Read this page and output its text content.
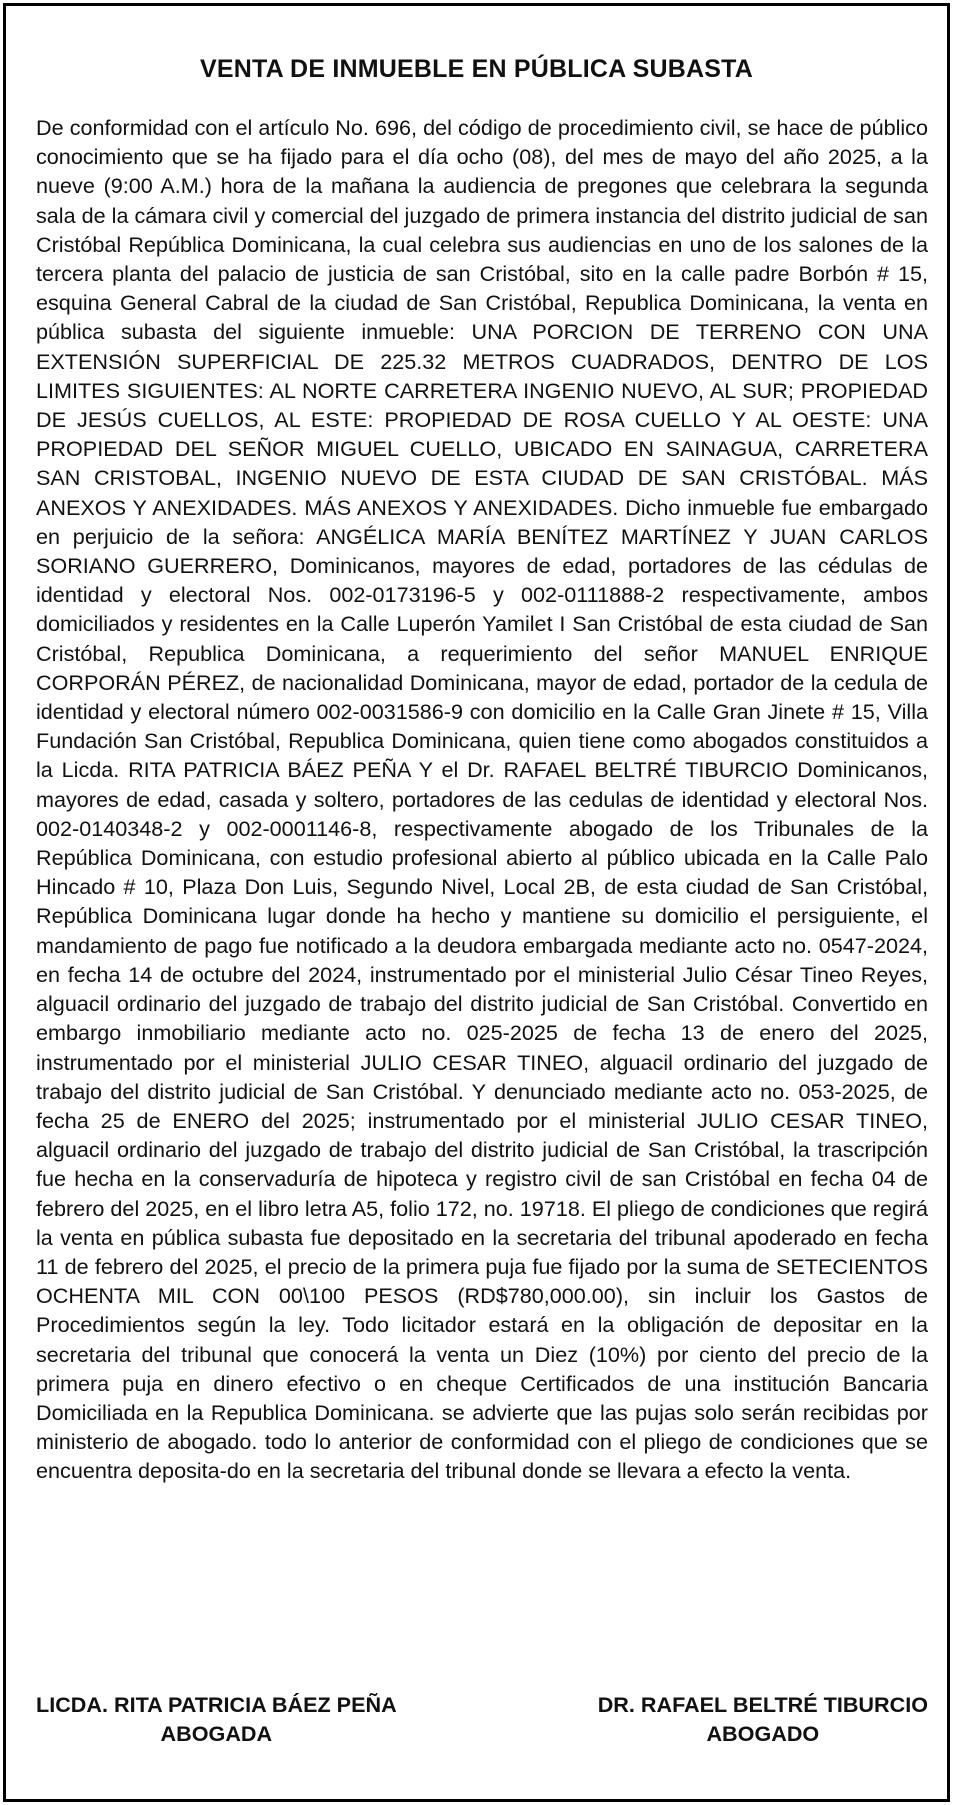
VENTA DE INMUEBLE EN PÚBLICA SUBASTA

De conformidad con el artículo No. 696, del código de procedimiento civil, se hace de público conocimiento que se ha fijado para el día ocho (08), del mes de mayo del año 2025, a la nueve (9:00 A.M.) hora de la mañana la audiencia de pregones que celebrara la segunda sala de la cámara civil y comercial del juzgado de primera instancia del distrito judicial de san Cristóbal República Dominicana, la cual celebra sus audiencias en uno de los salones de la tercera planta del palacio de justicia de san Cristóbal, sito en la calle padre Borbón # 15, esquina General Cabral de la ciudad de San Cristóbal, Republica Dominicana, la venta en pública subasta del siguiente inmueble: UNA PORCION DE TERRENO CON UNA EXTENSIÓN SUPERFICIAL DE 225.32 METROS CUADRADOS, DENTRO DE LOS LIMITES SIGUIENTES: AL NORTE CARRETERA INGENIO NUEVO, AL SUR; PROPIEDAD DE JESÚS CUELLOS, AL ESTE: PROPIEDAD DE ROSA CUELLO Y AL OESTE: UNA PROPIEDAD DEL SEÑOR MIGUEL CUELLO, UBICADO EN SAINAGUA, CARRETERA SAN CRISTOBAL, INGENIO NUEVO DE ESTA CIUDAD DE SAN CRISTÓBAL. MÁS ANEXOS Y ANEXIDADES. MÁS ANEXOS Y ANEXIDADES. Dicho inmueble fue embargado en perjuicio de la señora: ANGÉLICA MARÍA BENÍTEZ MARTÍNEZ Y JUAN CARLOS SORIANO GUERRERO, Dominicanos, mayores de edad, portadores de las cédulas de identidad y electoral Nos. 002-0173196-5 y 002-0111888-2 respectivamente, ambos domiciliados y residentes en la Calle Luperón Yamilet I San Cristóbal de esta ciudad de San Cristóbal, Republica Dominicana, a requerimiento del señor MANUEL ENRIQUE CORPORÁN PÉREZ, de nacionalidad Dominicana, mayor de edad, portador de la cedula de identidad y electoral número 002-0031586-9 con domicilio en la Calle Gran Jinete # 15, Villa Fundación San Cristóbal, Republica Dominicana, quien tiene como abogados constituidos a la Licda. RITA PATRICIA BÁEZ PEÑA Y el Dr. RAFAEL BELTRÉ TIBURCIO Dominicanos, mayores de edad, casada y soltero, portadores de las cedulas de identidad y electoral Nos. 002-0140348-2 y 002-0001146-8, respectivamente abogado de los Tribunales de la República Dominicana, con estudio profesional abierto al público ubicada en la Calle Palo Hincado # 10, Plaza Don Luis, Segundo Nivel, Local 2B, de esta ciudad de San Cristóbal, República Dominicana lugar donde ha hecho y mantiene su domicilio el persiguiente, el mandamiento de pago fue notificado a la deudora embargada mediante acto no. 0547-2024, en fecha 14 de octubre del 2024, instrumentado por el ministerial Julio César Tineo Reyes, alguacil ordinario del juzgado de trabajo del distrito judicial de San Cristóbal. Convertido en embargo inmobiliario mediante acto no. 025-2025 de fecha 13 de enero del 2025, instrumentado por el ministerial JULIO CESAR TINEO, alguacil ordinario del juzgado de trabajo del distrito judicial de San Cristóbal. Y denunciado mediante acto no. 053-2025, de fecha 25 de ENERO del 2025; instrumentado por el ministerial JULIO CESAR TINEO, alguacil ordinario del juzgado de trabajo del distrito judicial de San Cristóbal, la trascripción fue hecha en la conservaduría de hipoteca y registro civil de san Cristóbal en fecha 04 de febrero del 2025, en el libro letra A5, folio 172, no. 19718. El pliego de condiciones que regirá la venta en pública subasta fue depositado en la secretaria del tribunal apoderado en fecha 11 de febrero del 2025, el precio de la primera puja fue fijado por la suma de SETECIENTOS OCHENTA MIL CON 00\100 PESOS (RD$780,000.00), sin incluir los Gastos de Procedimientos según la ley. Todo licitador estará en la obligación de depositar en la secretaria del tribunal que conocerá la venta un Diez (10%) por ciento del precio de la primera puja en dinero efectivo o en cheque Certificados de una institución Bancaria Domiciliada en la Republica Dominicana. se advierte que las pujas solo serán recibidas por ministerio de abogado. todo lo anterior de conformidad con el pliego de condiciones que se encuentra deposita-do en la secretaria del tribunal donde se llevara a efecto la venta.

LICDA. RITA PATRICIA BÁEZ PEÑA
ABOGADA
DR. RAFAEL BELTRÉ TIBURCIO
ABOGADO
